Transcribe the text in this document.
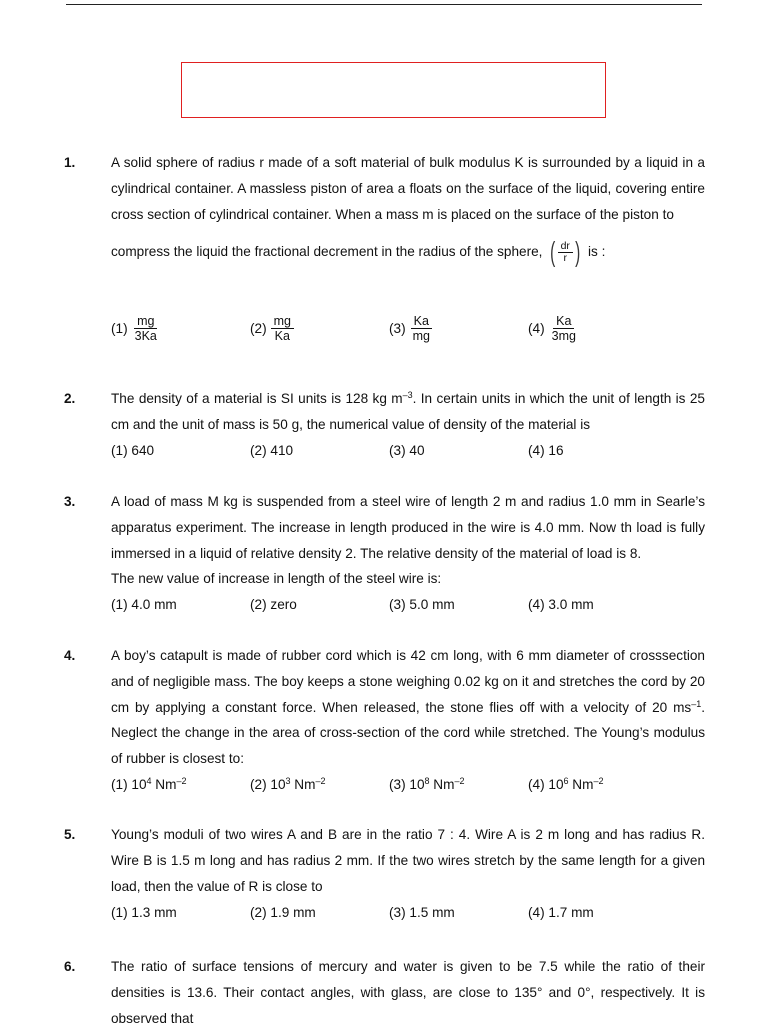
1.	A solid sphere of radius r made of a soft material of bulk modulus K is surrounded by a liquid in a cylindrical container. A massless piston of area a floats on the surface of the liquid, covering entire cross section of cylindrical container. When a mass m is placed on the surface of the piston to
compress the liquid the fractional decrement in the radius of the sphere, ( $\frac{dr}{r}$ ) is :
$(1) \frac{mg}{3Ka}$	$(2) \frac{mg}{Ka}$	$(3) \frac{Ka}{mg}$	$(4) \frac{Ka}{3mg}$
2.	The density of a material is SI units is 128 kg $m^{-3}$. In certain units in which the unit of length is 25 cm and the unit of mass is 50 g, the numerical value of density of the material is
(1) 640	(2) 410	(3) 40	(4) 16
3.	A load of mass M kg is suspended from a steel wire of length 2 m and radius 1.0 mm in Searle’s apparatus experiment. The increase in length produced in the wire is 4.0 mm. Now th load is fully immersed in a liquid of relative density 2. The relative density of the material of load is 8.
The new value of increase in length of the steel wire is:
(1) 4.0 mm	(2) zero	(3) 5.0 mm	(4) 3.0 mm
4.	A boy’s catapult is made of rubber cord which is 42 cm long, with 6 mm diameter of crosssection and of negligible mass. The boy keeps a stone weighing 0.02 kg on it and stretches the cord by 20 cm by applying a constant force. When released, the stone flies off with a velocity of 20 $ms^{-1}$. Neglect the change in the area of cross-section of the cord while stretched. The Young’s modulus of rubber is closest to:
(1) $10^4$ $Nm^{-2}$	(2) $10^3$ $Nm^{-2}$	(3) $10^8$ $Nm^{-2}$	(4) $10^6$ $Nm^{-2}$
5.	Young’s moduli of two wires A and B are in the ratio 7 : 4. Wire A is 2 m long and has radius R. Wire B is 1.5 m long and has radius 2 mm. If the two wires stretch by the same length for a given load, then the value of R is close to
(1) 1.3 mm	(2) 1.9 mm	(3) 1.5 mm	(4) 1.7 mm
6.	The ratio of surface tensions of mercury and water is given to be 7.5 while the ratio of their densities is 13.6. Their contact angles, with glass, are close to 135° and 0°, respectively. It is observed that
